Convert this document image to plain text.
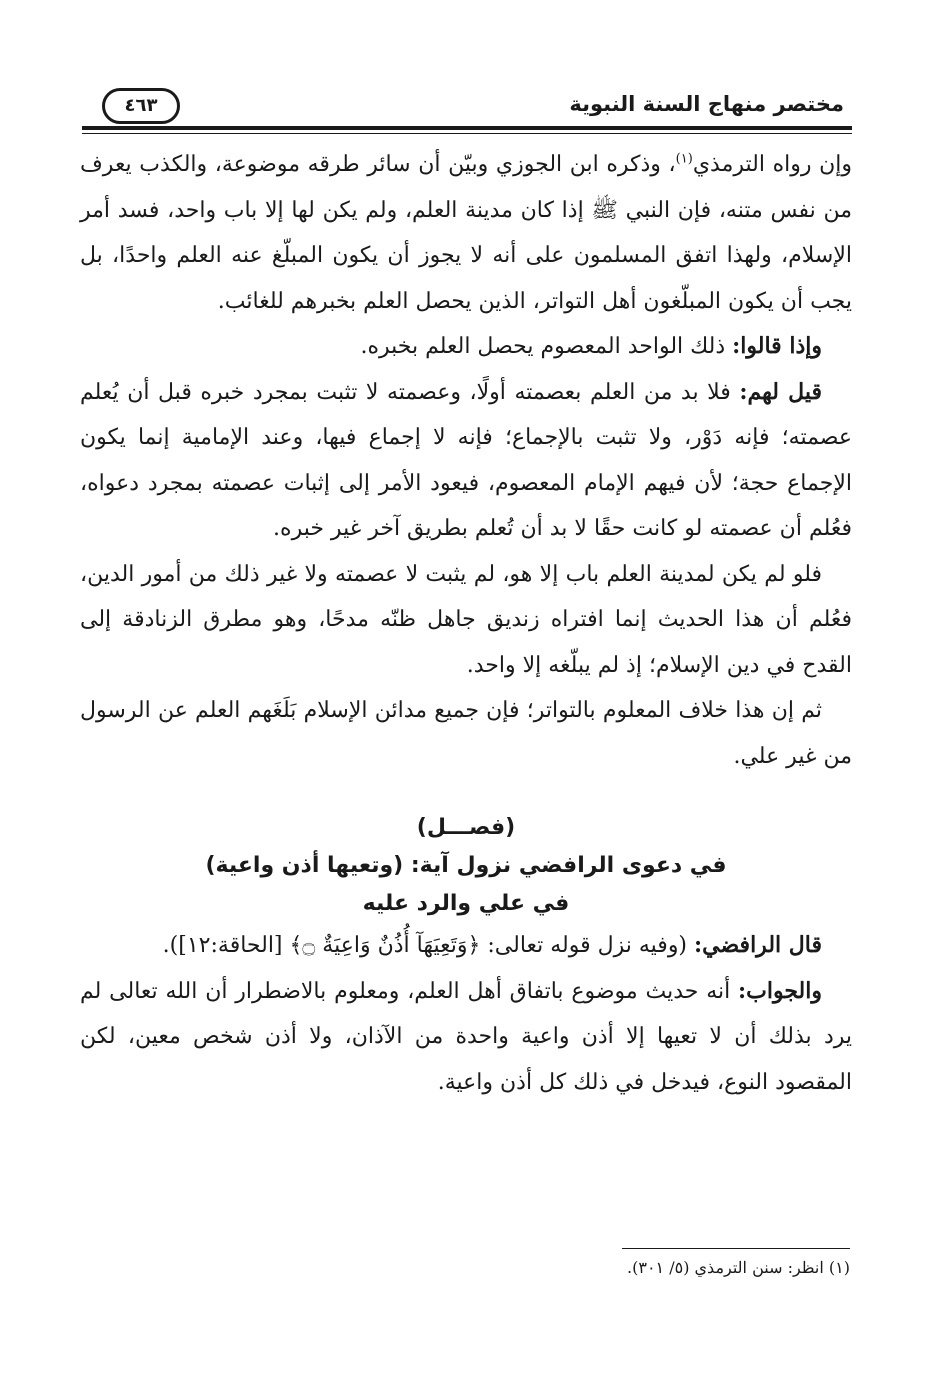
مختصر منهاج السنة النبوية
٤٦٣

وإن رواه الترمذي$^{(١)}$، وذكره ابن الجوزي وبيّن أن سائر طرقه موضوعة، والكذب يعرف من نفس متنه، فإن النبي ﷺ إذا كان مدينة العلم، ولم يكن لها إلا باب واحد، فسد أمر الإسلام، ولهذا اتفق المسلمون على أنه لا يجوز أن يكون المبلّغ عنه العلم واحدًا، بل يجب أن يكون المبلّغون أهل التواتر، الذين يحصل العلم بخبرهم للغائب.

وإذا قالوا: ذلك الواحد المعصوم يحصل العلم بخبره.

قيل لهم: فلا بد من العلم بعصمته أولًا، وعصمته لا تثبت بمجرد خبره قبل أن يُعلم عصمته؛ فإنه دَوْر، ولا تثبت بالإجماع؛ فإنه لا إجماع فيها، وعند الإمامية إنما يكون الإجماع حجة؛ لأن فيهم الإمام المعصوم، فيعود الأمر إلى إثبات عصمته بمجرد دعواه، فعُلم أن عصمته لو كانت حقًا لا بد أن تُعلم بطريق آخر غير خبره.

فلو لم يكن لمدينة العلم باب إلا هو، لم يثبت لا عصمته ولا غير ذلك من أمور الدين، فعُلم أن هذا الحديث إنما افتراه زنديق جاهل ظنّه مدحًا، وهو مطرق الزنادقة إلى القدح في دين الإسلام؛ إذ لم يبلّغه إلا واحد.

ثم إن هذا خلاف المعلوم بالتواتر؛ فإن جميع مدائن الإسلام بَلَغَهم العلم عن الرسول من غير علي.

(فصـــل)
في دعوى الرافضي نزول آية: (وتعيها أذن واعية)
في علي والرد عليه

قال الرافضي: (وفيه نزل قوله تعالى: ﴿وَتَعِيَهَآ أُذُنٌ وَاعِيَةٌ ۝﴾ [الحاقة:١٢]).

والجواب: أنه حديث موضوع باتفاق أهل العلم، ومعلوم بالاضطرار أن الله تعالى لم يرد بذلك أن لا تعيها إلا أذن واعية واحدة من الآذان، ولا أذن شخص معين، لكن المقصود النوع، فيدخل في ذلك كل أذن واعية.

(١) انظر: سنن الترمذي (٥/ ٣٠١).
